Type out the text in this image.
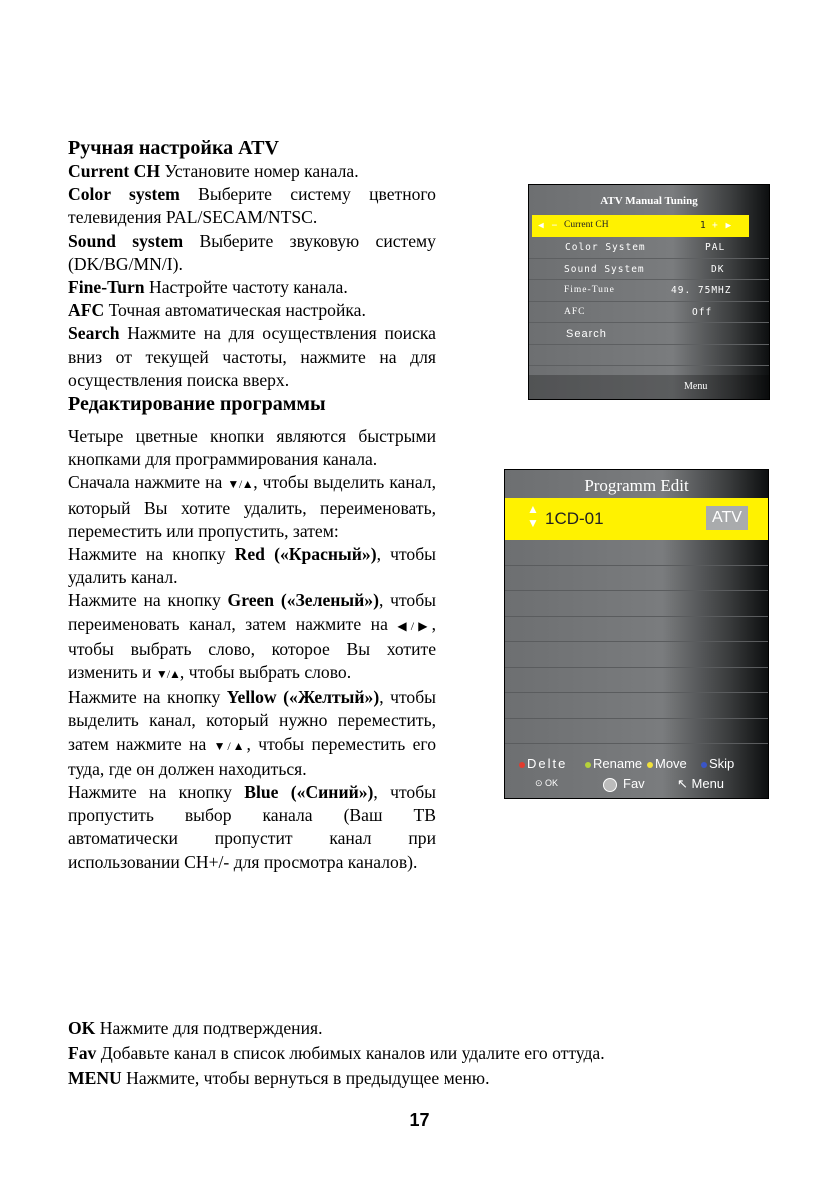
Ручная настройка ATV

Current CH Установите номер канала.

Color system Выберите систему цветного телевидения PAL/SECAM/NTSC.

Sound system Выберите звуковую систему (DK/BG/MN/I).

Fine-Turn Настройте частоту канала.

AFC Точная автоматическая настройка.

Search Нажмите на для осуществления поиска вниз от текущей частоты, нажмите на для осуществления поиска вверх.

Редактирование программы

Четыре цветные кнопки являются быстрыми кнопками для программирования канала.

Сначала нажмите на ▼/▲, чтобы выделить канал, который Вы хотите удалить, переименовать, переместить или пропустить, затем:

Нажмите на кнопку Red («Красный»), чтобы удалить канал.

Нажмите на кнопку Green («Зеленый»), чтобы переименовать канал, затем нажмите на ◀/▶, чтобы выбрать слово, которое Вы хотите изменить и ▼/▲, чтобы выбрать слово.

Нажмите на кнопку Yellow («Желтый»), чтобы выделить канал, который нужно переместить, затем нажмите на ▼/▲, чтобы переместить его туда, где он должен находиться.

Нажмите на кнопку Blue («Синий»), чтобы пропустить выбор канала (Ваш ТВ автоматически пропустит канал при использовании CH+/- для просмотра каналов).

ATV Manual Tuning
◀ − Current CH	1 + ▶
Color System	PAL
Sound System	DK
Fime-Tune	49. 75MHZ
AFC	Off
Search
Menu
Programm Edit
▲
▼ 1CD-01	ATV
Delte	Rename Move	Skip
⊙ OK	Fav ↖ Menu
OK Нажмите для подтверждения.
Fav Добавьте канал в список любимых каналов или удалите его оттуда.
MENU Нажмите, чтобы вернуться в предыдущее меню.
17
